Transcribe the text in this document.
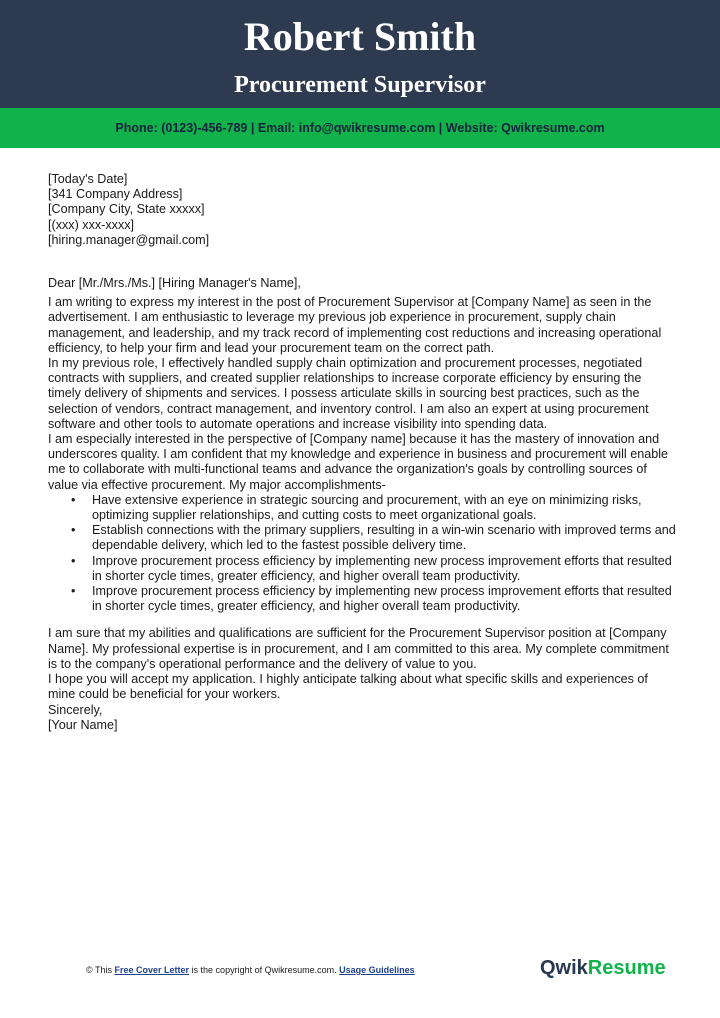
Robert Smith
Procurement Supervisor
Phone: (0123)-456-789 | Email: info@qwikresume.com | Website: Qwikresume.com

[Today's Date]

[341 Company Address]

[Company City, State xxxxx]

[(xxx) xxx-xxxx]

[hiring.manager@gmail.com]

Dear [Mr./Mrs./Ms.] [Hiring Manager's Name],

I am writing to express my interest in the post of Procurement Supervisor at [Company Name] as seen in the advertisement. I am enthusiastic to leverage my previous job experience in procurement, supply chain management, and leadership, and my track record of implementing cost reductions and increasing operational efficiency, to help your firm and lead your procurement team on the correct path.

In my previous role, I effectively handled supply chain optimization and procurement processes, negotiated contracts with suppliers, and created supplier relationships to increase corporate efficiency by ensuring the timely delivery of shipments and services. I possess articulate skills in sourcing best practices, such as the selection of vendors, contract management, and inventory control. I am also an expert at using procurement software and other tools to automate operations and increase visibility into spending data.

I am especially interested in the perspective of [Company name] because it has the mastery of innovation and underscores quality. I am confident that my knowledge and experience in business and procurement will enable me to collaborate with multi-functional teams and advance the organization's goals by controlling sources of value via effective procurement. My major accomplishments-

• Have extensive experience in strategic sourcing and procurement, with an eye on minimizing risks, optimizing supplier relationships, and cutting costs to meet organizational goals.
• Establish connections with the primary suppliers, resulting in a win-win scenario with improved terms and dependable delivery, which led to the fastest possible delivery time.
• Improve procurement process efficiency by implementing new process improvement efforts that resulted in shorter cycle times, greater efficiency, and higher overall team productivity.
• Improve procurement process efficiency by implementing new process improvement efforts that resulted in shorter cycle times, greater efficiency, and higher overall team productivity.

I am sure that my abilities and qualifications are sufficient for the Procurement Supervisor position at [Company Name]. My professional expertise is in procurement, and I am committed to this area. My complete commitment is to the company's operational performance and the delivery of value to you.

I hope you will accept my application. I highly anticipate talking about what specific skills and experiences of mine could be beneficial for your workers.

Sincerely,

[Your Name]

© This Free Cover Letter is the copyright of Qwikresume.com. Usage Guidelines	QwikResume
